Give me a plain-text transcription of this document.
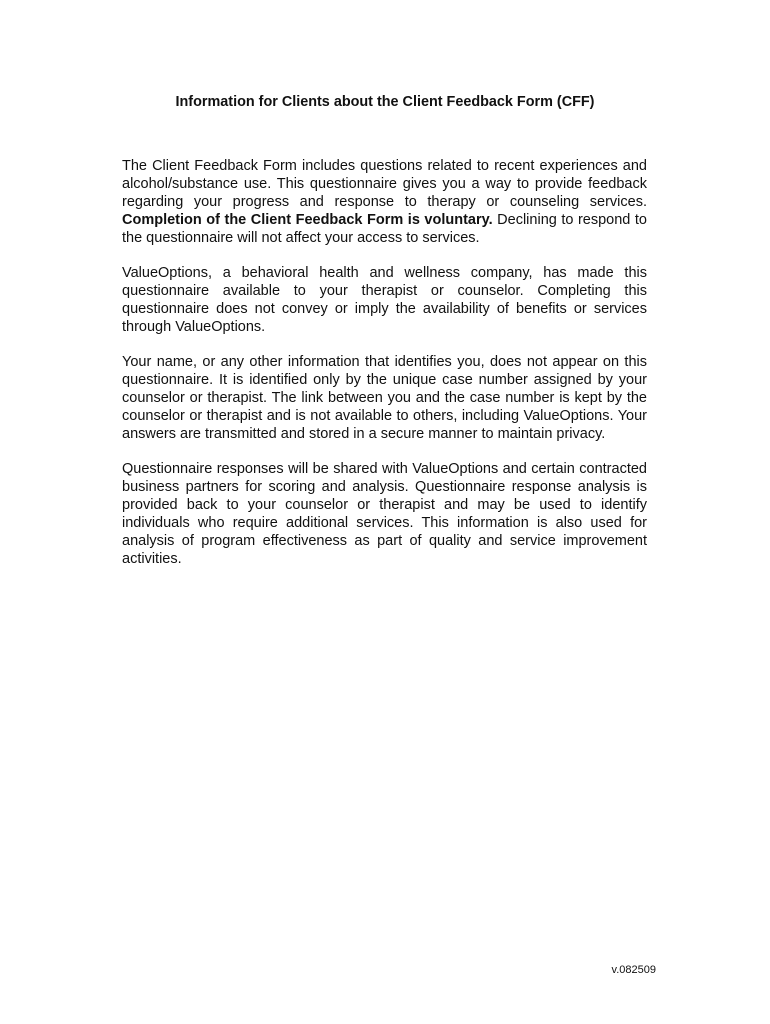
Information for Clients about the Client Feedback Form (CFF)

The Client Feedback Form includes questions related to recent experiences and alcohol/substance use. This questionnaire gives you a way to provide feedback regarding your progress and response to therapy or counseling services. Completion of the Client Feedback Form is voluntary. Declining to respond to the questionnaire will not affect your access to services.

ValueOptions, a behavioral health and wellness company, has made this questionnaire available to your therapist or counselor. Completing this questionnaire does not convey or imply the availability of benefits or services through ValueOptions.

Your name, or any other information that identifies you, does not appear on this questionnaire. It is identified only by the unique case number assigned by your counselor or therapist. The link between you and the case number is kept by the counselor or therapist and is not available to others, including ValueOptions. Your answers are transmitted and stored in a secure manner to maintain privacy.

Questionnaire responses will be shared with ValueOptions and certain contracted business partners for scoring and analysis. Questionnaire response analysis is provided back to your counselor or therapist and may be used to identify individuals who require additional services. This information is also used for analysis of program effectiveness as part of quality and service improvement activities.

v.082509
